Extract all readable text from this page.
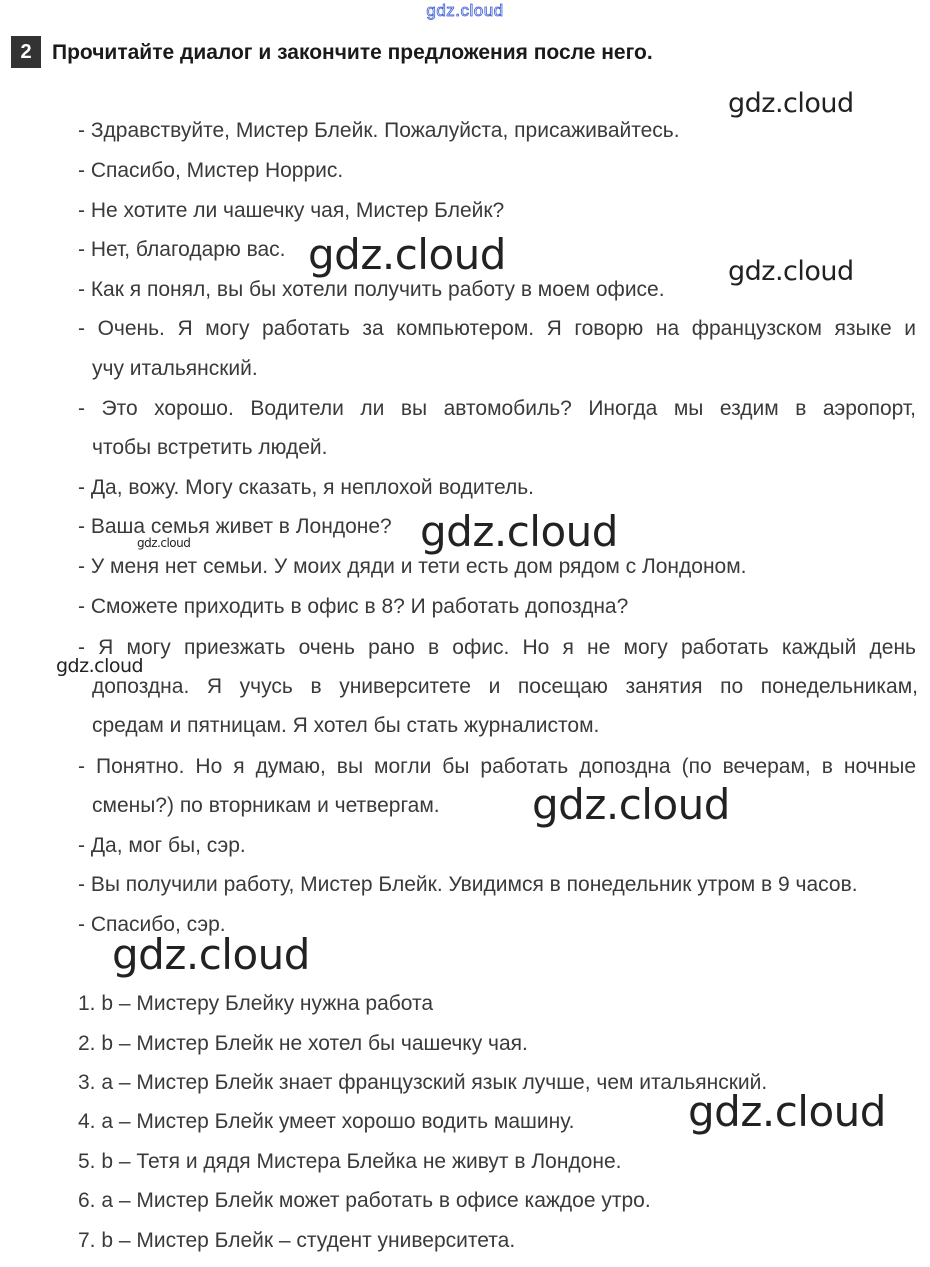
gdz.cloud
2 Прочитайте диалог и закончите предложения после него.
- Здравствуйте, Мистер Блейк. Пожалуйста, присаживайтесь.
- Спасибо, Мистер Норрис.
- Не хотите ли чашечку чая, Мистер Блейк?
- Нет, благодарю вас.
- Как я понял, вы бы хотели получить работу в моем офисе.
- Очень. Я могу работать за компьютером. Я говорю на французском языке и
учу итальянский.
- Это хорошо. Водители ли вы автомобиль? Иногда мы ездим в аэропорт,
чтобы встретить людей.
- Да, вожу. Могу сказать, я неплохой водитель.
- Ваша семья живет в Лондоне?
- У меня нет семьи. У моих дяди и тети есть дом рядом с Лондоном.
- Сможете приходить в офис в 8? И работать допоздна?
- Я могу приезжать очень рано в офис. Но я не могу работать каждый день
допоздна. Я учусь в университете и посещаю занятия по понедельникам,
средам и пятницам. Я хотел бы стать журналистом.
- Понятно. Но я думаю, вы могли бы работать допоздна (по вечерам, в ночные
смены?) по вторникам и четвергам.
- Да, мог бы, сэр.
- Вы получили работу, Мистер Блейк. Увидимся в понедельник утром в 9 часов.
- Спасибо, сэр.
1. b – Мистеру Блейку нужна работа
2. b – Мистер Блейк не хотел бы чашечку чая.
3. a – Мистер Блейк знает французский язык лучше, чем итальянский.
4. a – Мистер Блейк умеет хорошо водить машину.
5. b – Тетя и дядя Мистера Блейка не живут в Лондоне.
6. a – Мистер Блейк может работать в офисе каждое утро.
7. b – Мистер Блейк – студент университета.
gdz.cloud
gdz.cloud	gdz.cloud
gdz.cloud
gdz.cloud
gdz.cloud
gdz.cloud
gdz.cloud
gdz.cloud
